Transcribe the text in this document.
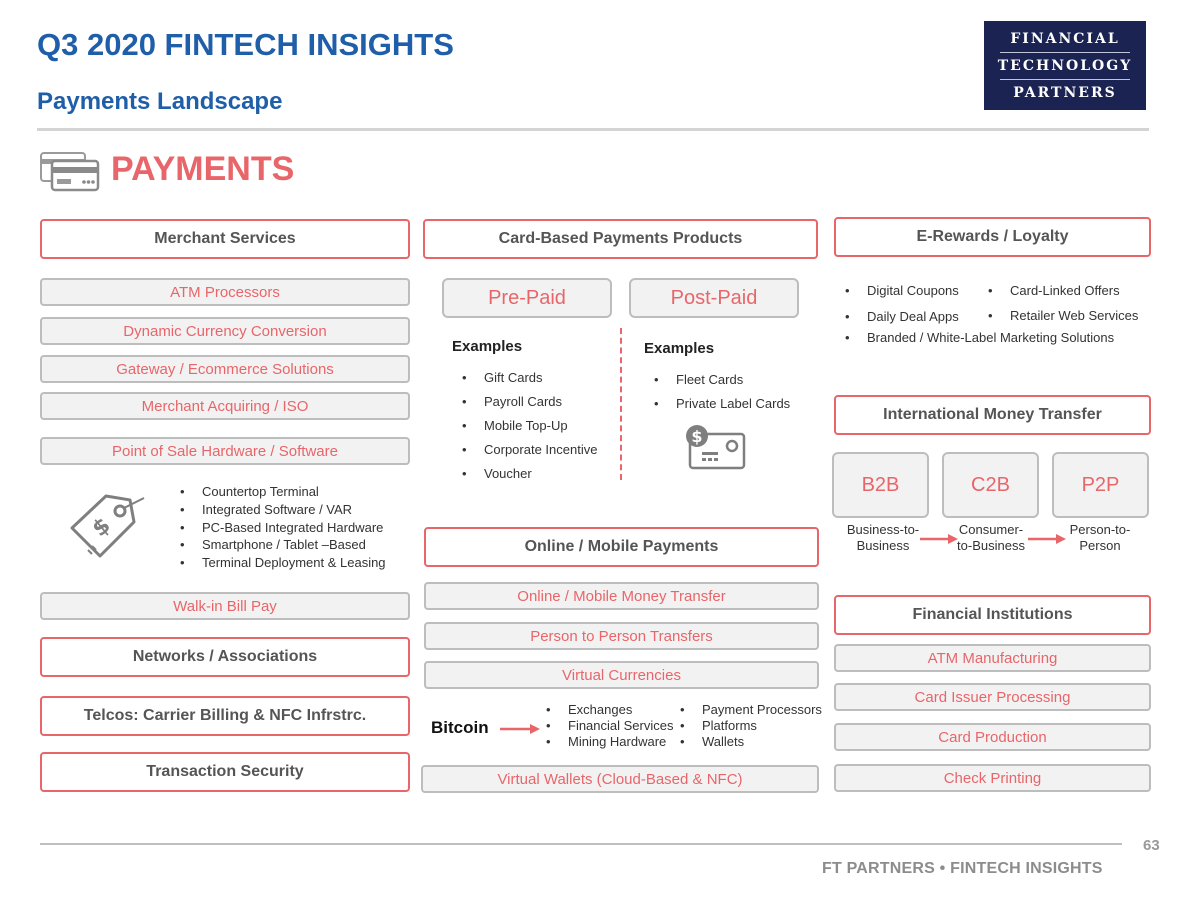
Q3 2020 FINTECH INSIGHTS
Payments Landscape
FINANCIAL
TECHNOLOGY
PARTNERS
PAYMENTS
Merchant Services
ATM Processors
Dynamic Currency Conversion
Gateway / Ecommerce Solutions
Merchant Acquiring / ISO
Point of Sale Hardware / Software
$
• Countertop Terminal
• Integrated Software / VAR
• PC-Based Integrated Hardware
• Smartphone / Tablet –Based
• Terminal Deployment & Leasing
Walk-in Bill Pay
Networks / Associations
Telcos: Carrier Billing & NFC Infrstrc.
Transaction Security
Card-Based Payments Products
Pre-Paid	Post-Paid
Examples
• Gift Cards
• Payroll Cards
• Mobile Top-Up
• Corporate Incentive
• Voucher
Examples
• Fleet Cards
• Private Label Cards
$
Online / Mobile Payments
Online / Mobile Money Transfer
Person to Person Transfers
Virtual Currencies
Bitcoin
• Exchanges
• Financial Services
• Mining Hardware
• Payment Processors
• Platforms
• Wallets
Virtual Wallets (Cloud-Based & NFC)
E-Rewards / Loyalty
• Digital Coupons
• Daily Deal Apps
• Card-Linked Offers
• Retailer Web Services
• Branded / White-Label Marketing Solutions
International Money Transfer
B2B	C2B	P2P
Business-to-Business
Consumer-to-Business
Person-to-Person
Financial Institutions
ATM Manufacturing
Card Issuer Processing
Card Production
Check Printing
63
FT PARTNERS • FINTECH INSIGHTS
